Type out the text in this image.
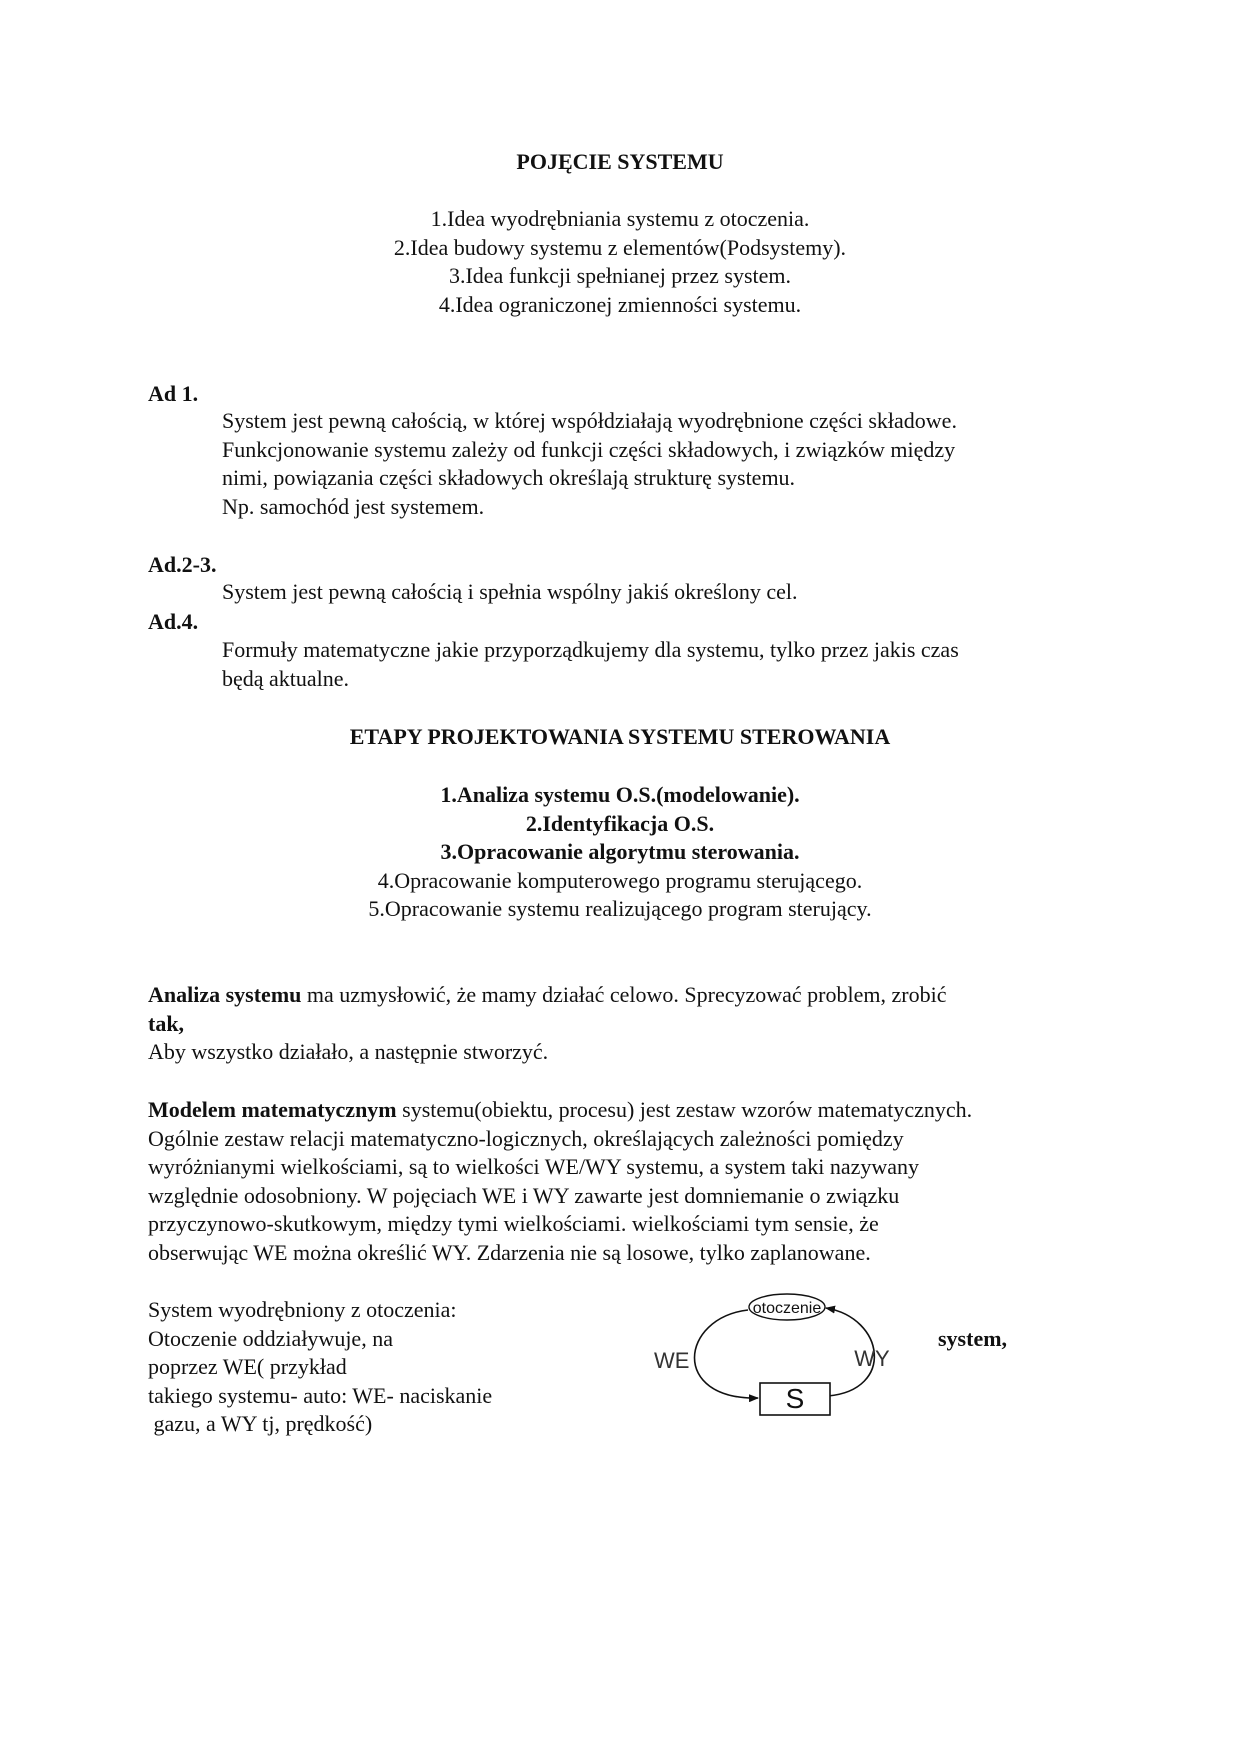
POJĘCIE SYSTEMU
1.Idea wyodrębniania systemu z otoczenia.
2.Idea budowy systemu z elementów(Podsystemy).
3.Idea funkcji spełnianej przez system.
4.Idea ograniczonej zmienności systemu.
Ad 1.
System jest pewną całością, w której współdziałają wyodrębnione części składowe.
Funkcjonowanie systemu zależy od funkcji części składowych, i związków między
nimi, powiązania części składowych określają strukturę systemu.
Np. samochód jest systemem.
Ad.2-3.
System jest pewną całością i spełnia wspólny jakiś określony cel.
Ad.4.
Formuły matematyczne jakie przyporządkujemy dla systemu, tylko przez jakis czas
będą aktualne.
ETAPY PROJEKTOWANIA SYSTEMU STEROWANIA
1.Analiza systemu O.S.(modelowanie).
2.Identyfikacja O.S.
3.Opracowanie algorytmu sterowania.
4.Opracowanie komputerowego programu sterującego.
5.Opracowanie systemu realizującego program sterujący.
Analiza systemu ma uzmysłowić, że mamy działać celowo. Sprecyzować problem, zrobić
tak,
Aby wszystko działało, a następnie stworzyć.
Modelem matematycznym systemu(obiektu, procesu) jest zestaw wzorów matematycznych.
Ogólnie zestaw relacji matematyczno-logicznych, określających zależności pomiędzy
wyróżnianymi wielkościami, są to wielkości WE/WY systemu, a system taki nazywany
względnie odosobniony. W pojęciach WE i WY zawarte jest domniemanie o związku
przyczynowo-skutkowym, między tymi wielkościami. wielkościami tym sensie, że
obserwując WE można określić WY. Zdarzenia nie są losowe, tylko zaplanowane.
System wyodrębniony z otoczenia:
Otoczenie oddziaływuje, na
poprzez WE( przykład
takiego systemu- auto: WE- naciskanie
gazu, a WY tj, prędkość)
system,
otoczenie
S
WE	WY
